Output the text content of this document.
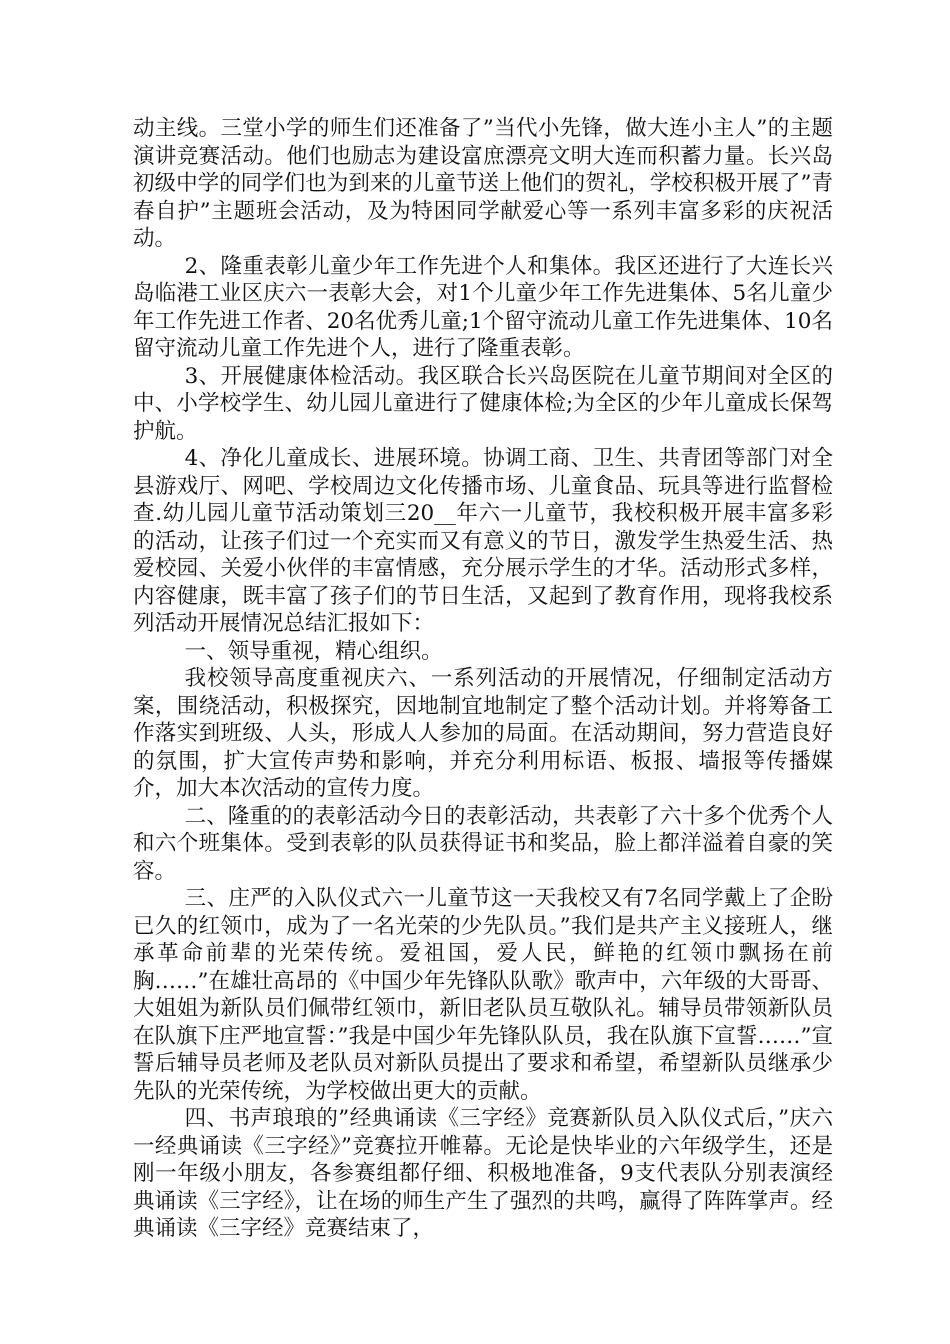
动主线。三堂小学的师生们还准备了”当代小先锋，做大连小主人”的主题演讲竞赛活动。他们也励志为建设富庶漂亮文明大连而积蓄力量。长兴岛初级中学的同学们也为到来的儿童节送上他们的贺礼，学校积极开展了”青春自护”主题班会活动，及为特困同学献爱心等一系列丰富多彩的庆祝活动。

2、隆重表彰儿童少年工作先进个人和集体。我区还进行了大连长兴岛临港工业区庆六一表彰大会，对1个儿童少年工作先进集体、5名儿童少年工作先进工作者、20名优秀儿童;1个留守流动儿童工作先进集体、10名留守流动儿童工作先进个人，进行了隆重表彰。

3、开展健康体检活动。我区联合长兴岛医院在儿童节期间对全区的中、小学校学生、幼儿园儿童进行了健康体检;为全区的少年儿童成长保驾护航。

4、净化儿童成长、进展环境。协调工商、卫生、共青团等部门对全县游戏厅、网吧、学校周边文化传播市场、儿童食品、玩具等进行监督检查.幼儿园儿童节活动策划三20__年六一儿童节，我校积极开展丰富多彩的活动，让孩子们过一个充实而又有意义的节日，激发学生热爱生活、热爱校园、关爱小伙伴的丰富情感，充分展示学生的才华。活动形式多样，内容健康，既丰富了孩子们的节日生活，又起到了教育作用，现将我校系列活动开展情况总结汇报如下：

一、领导重视，精心组织。

我校领导高度重视庆六、一系列活动的开展情况，仔细制定活动方案，围绕活动，积极探究，因地制宜地制定了整个活动计划。并将筹备工作落实到班级、人头，形成人人参加的局面。在活动期间，努力营造良好的氛围，扩大宣传声势和影响，并充分利用标语、板报、墙报等传播媒介，加大本次活动的宣传力度。

二、隆重的的表彰活动今日的表彰活动，共表彰了六十多个优秀个人和六个班集体。受到表彰的队员获得证书和奖品，脸上都洋溢着自豪的笑容。

三、庄严的入队仪式六一儿童节这一天我校又有7名同学戴上了企盼已久的红领巾，成为了一名光荣的少先队员。”我们是共产主义接班人，继承革命前辈的光荣传统。爱祖国，爱人民，鲜艳的红领巾飘扬在前胸……”在雄壮高昂的《中国少年先锋队队歌》歌声中，六年级的大哥哥、大姐姐为新队员们佩带红领巾，新旧老队员互敬队礼。辅导员带领新队员在队旗下庄严地宣誓：”我是中国少年先锋队队员，我在队旗下宣誓……”宣誓后辅导员老师及老队员对新队员提出了要求和希望，希望新队员继承少先队的光荣传统，为学校做出更大的贡献。

四、书声琅琅的”经典诵读《三字经》竞赛新队员入队仪式后，”庆六一经典诵读《三字经》”竞赛拉开帷幕。无论是快毕业的六年级学生，还是刚一年级小朋友，各参赛组都仔细、积极地准备，9支代表队分别表演经典诵读《三字经》，让在场的师生产生了强烈的共鸣，赢得了阵阵掌声。经典诵读《三字经》竞赛结束了，
